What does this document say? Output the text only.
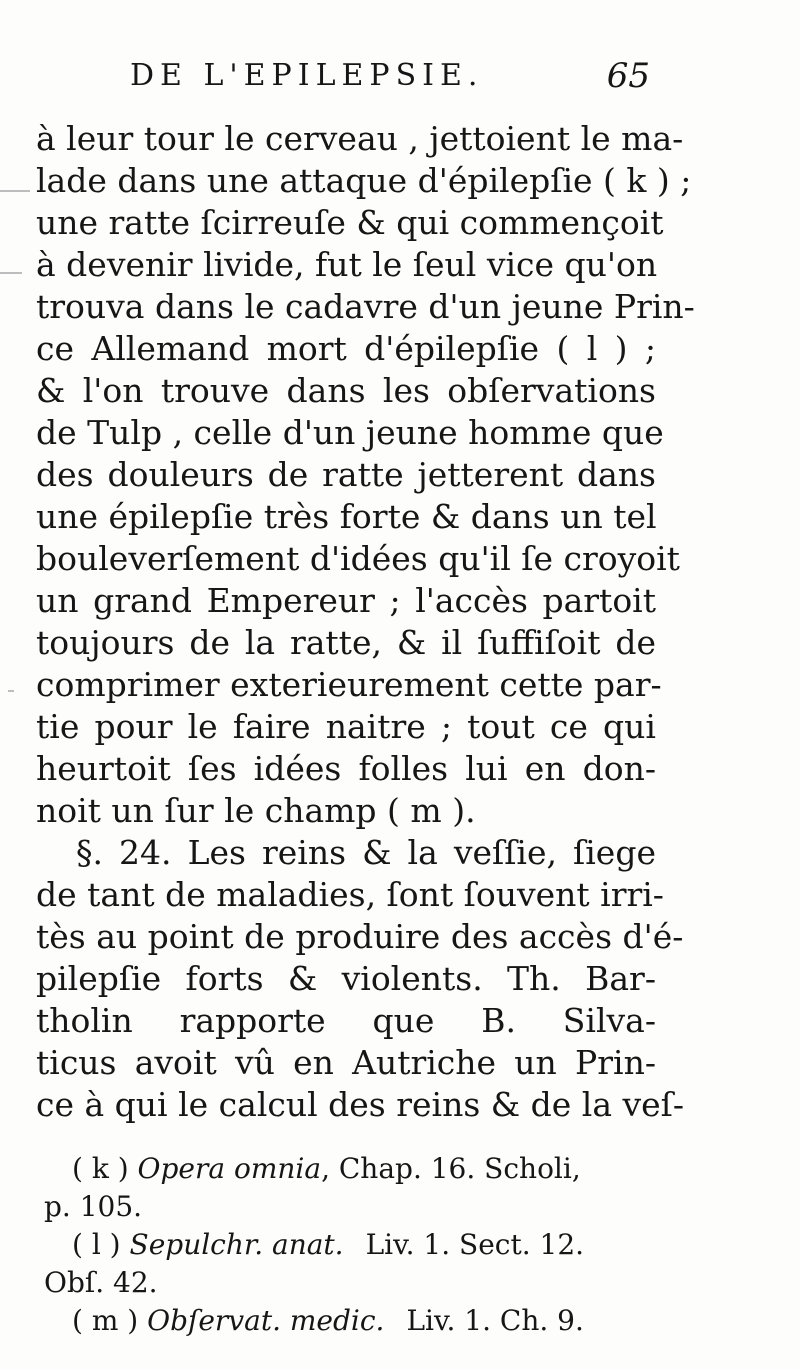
DE L'EPILEPSIE.	65
à leur tour le cerveau , jettoient le ma-
lade dans une attaque d'épilepſie ( k ) ;
une ratte ſcirreuſe & qui commençoit
à devenir livide, fut le ſeul vice qu'on
trouva dans le cadavre d'un jeune Prin-
ce Allemand mort d'épilepſie ( l ) ;
& l'on trouve dans les obſervations
de Tulp , celle d'un jeune homme que
des douleurs de ratte jetterent dans
une épilepſie très forte & dans un tel
bouleverſement d'idées qu'il ſe croyoit
un grand Empereur ; l'accès partoit
toujours de la ratte, & il ſuffiſoit de
comprimer exterieurement cette par-
tie pour le faire naitre ; tout ce qui
heurtoit ſes idées folles lui en don-
noit un ſur le champ ( m ).
§. 24. Les reins & la veſſie, ſiege
de tant de maladies, ſont ſouvent irri-
tès au point de produire des accès d'é-
pilepſie forts & violents. Th. Bar-
tholin rapporte que B. Silva-
ticus avoit vû en Autriche un Prin-
ce à qui le calcul des reins & de la veſ-
( k ) Opera omnia, Chap. 16. Scholi,
p. 105.
( l ) Sepulchr. anat. Liv. 1. Sect. 12.
Obſ. 42.
( m ) Obſervat. medic. Liv. 1. Ch. 9.
